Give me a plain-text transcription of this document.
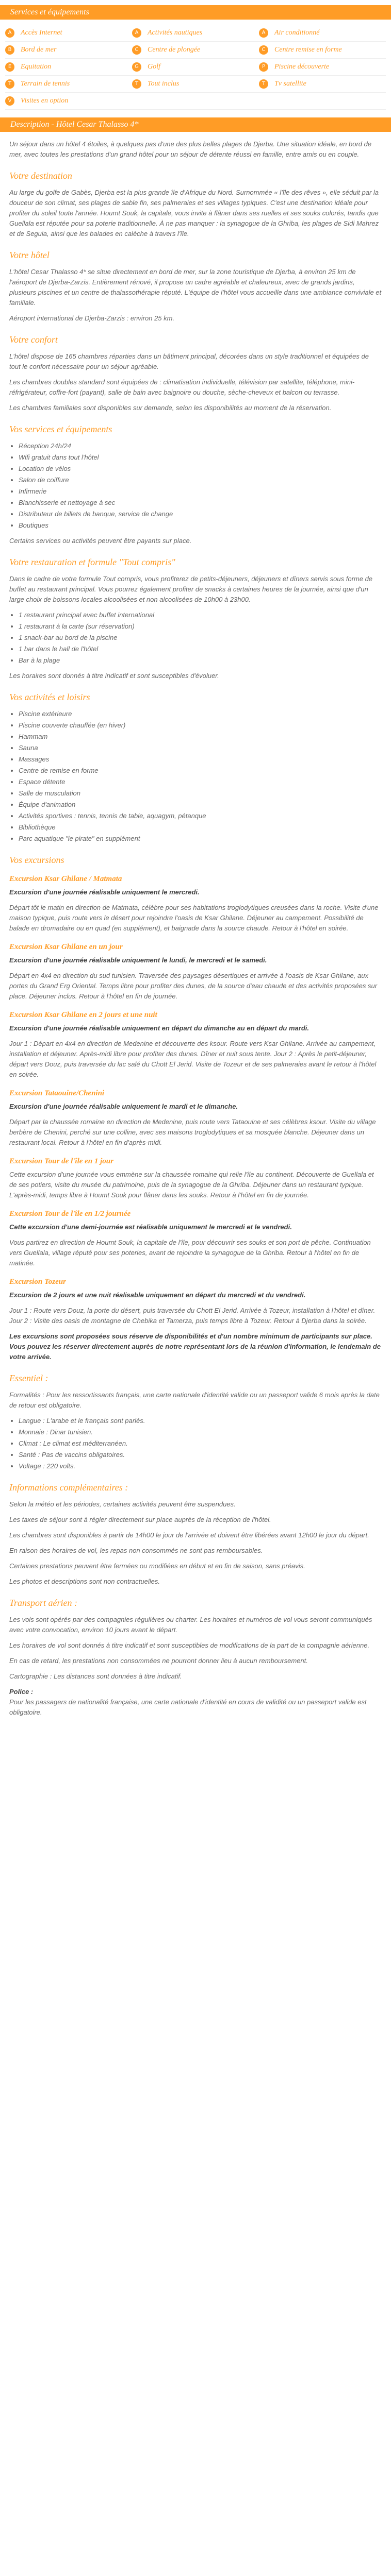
Services et équipements
A	Accès Internet	A	Activités nautiques	A	Air conditionné
B	Bord de mer	C	Centre de plongée	C	Centre remise en forme
E	Equitation	G	Golf	P	Piscine découverte
T	Terrain de tennis	T	Tout inclus	T	Tv satellite
V	Visites en option
Description - Hôtel Cesar Thalasso 4*

Un séjour dans un hôtel 4 étoiles, à quelques pas d'une des plus belles plages de Djerba. Une situation idéale, en bord de mer, avec toutes les prestations d'un grand hôtel pour un séjour de détente réussi en famille, entre amis ou en couple.

Votre destination

Au large du golfe de Gabès, Djerba est la plus grande île d'Afrique du Nord. Surnommée « l'île des rêves », elle séduit par la douceur de son climat, ses plages de sable fin, ses palmeraies et ses villages typiques. C'est une destination idéale pour profiter du soleil toute l'année. Houmt Souk, la capitale, vous invite à flâner dans ses ruelles et ses souks colorés, tandis que Guellala est réputée pour sa poterie traditionnelle. À ne pas manquer : la synagogue de la Ghriba, les plages de Sidi Mahrez et de Seguia, ainsi que les balades en calèche à travers l'île.

Votre hôtel

L'hôtel Cesar Thalasso 4* se situe directement en bord de mer, sur la zone touristique de Djerba, à environ 25 km de l'aéroport de Djerba-Zarzis. Entièrement rénové, il propose un cadre agréable et chaleureux, avec de grands jardins, plusieurs piscines et un centre de thalassothérapie réputé. L'équipe de l'hôtel vous accueille dans une ambiance conviviale et familiale.

Aéroport international de Djerba-Zarzis : environ 25 km.

Votre confort

L'hôtel dispose de 165 chambres réparties dans un bâtiment principal, décorées dans un style traditionnel et équipées de tout le confort nécessaire pour un séjour agréable.

Les chambres doubles standard sont équipées de : climatisation individuelle, télévision par satellite, téléphone, mini-réfrigérateur, coffre-fort (payant), salle de bain avec baignoire ou douche, sèche-cheveux et balcon ou terrasse.

Les chambres familiales sont disponibles sur demande, selon les disponibilités au moment de la réservation.

Vos services et équipements
• Réception 24h/24
• Wifi gratuit dans tout l'hôtel
• Location de vélos
• Salon de coiffure
• Infirmerie
• Blanchisserie et nettoyage à sec
• Distributeur de billets de banque, service de change
• Boutiques

Certains services ou activités peuvent être payants sur place.

Votre restauration et formule "Tout compris"

Dans le cadre de votre formule Tout compris, vous profiterez de petits-déjeuners, déjeuners et dîners servis sous forme de buffet au restaurant principal. Vous pourrez également profiter de snacks à certaines heures de la journée, ainsi que d'un large choix de boissons locales alcoolisées et non alcoolisées de 10h00 à 23h00.

• 1 restaurant principal avec buffet international
• 1 restaurant à la carte (sur réservation)
• 1 snack-bar au bord de la piscine
• 1 bar dans le hall de l'hôtel
• Bar à la plage

Les horaires sont donnés à titre indicatif et sont susceptibles d'évoluer.

Vos activités et loisirs
• Piscine extérieure
• Piscine couverte chauffée (en hiver)
• Hammam
• Sauna
• Massages
• Centre de remise en forme
• Espace détente
• Salle de musculation
• Équipe d'animation
• Activités sportives : tennis, tennis de table, aquagym, pétanque
• Bibliothèque
• Parc aquatique "le pirate" en supplément
Vos excursions
Excursion Ksar Ghilane / Matmata

Excursion d'une journée réalisable uniquement le mercredi.

Départ tôt le matin en direction de Matmata, célèbre pour ses habitations troglodytiques creusées dans la roche. Visite d'une maison typique, puis route vers le désert pour rejoindre l'oasis de Ksar Ghilane. Déjeuner au campement. Possibilité de balade en dromadaire ou en quad (en supplément), et baignade dans la source chaude. Retour à l'hôtel en soirée.

Excursion Ksar Ghilane en un jour

Excursion d'une journée réalisable uniquement le lundi, le mercredi et le samedi.

Départ en 4x4 en direction du sud tunisien. Traversée des paysages désertiques et arrivée à l'oasis de Ksar Ghilane, aux portes du Grand Erg Oriental. Temps libre pour profiter des dunes, de la source d'eau chaude et des activités proposées sur place. Déjeuner inclus. Retour à l'hôtel en fin de journée.

Excursion Ksar Ghilane en 2 jours et une nuit

Excursion d'une journée réalisable uniquement en départ du dimanche au en départ du mardi.

Jour 1 : Départ en 4x4 en direction de Medenine et découverte des ksour. Route vers Ksar Ghilane. Arrivée au campement, installation et déjeuner. Après-midi libre pour profiter des dunes. Dîner et nuit sous tente. Jour 2 : Après le petit-déjeuner, départ vers Douz, puis traversée du lac salé du Chott El Jerid. Visite de Tozeur et de ses palmeraies avant le retour à l'hôtel en soirée.

Excursion Tataouine/Chenini

Excursion d'une journée réalisable uniquement le mardi et le dimanche.

Départ par la chaussée romaine en direction de Medenine, puis route vers Tataouine et ses célèbres ksour. Visite du village berbère de Chenini, perché sur une colline, avec ses maisons troglodytiques et sa mosquée blanche. Déjeuner dans un restaurant local. Retour à l'hôtel en fin d'après-midi.

Excursion Tour de l'île en 1 jour

Cette excursion d'une journée vous emmène sur la chaussée romaine qui relie l'île au continent. Découverte de Guellala et de ses potiers, visite du musée du patrimoine, puis de la synagogue de la Ghriba. Déjeuner dans un restaurant typique. L'après-midi, temps libre à Houmt Souk pour flâner dans les souks. Retour à l'hôtel en fin de journée.

Excursion Tour de l'île en 1/2 journée

Cette excursion d'une demi-journée est réalisable uniquement le mercredi et le vendredi.

Vous partirez en direction de Houmt Souk, la capitale de l'île, pour découvrir ses souks et son port de pêche. Continuation vers Guellala, village réputé pour ses poteries, avant de rejoindre la synagogue de la Ghriba. Retour à l'hôtel en fin de matinée.

Excursion Tozeur

Excursion de 2 jours et une nuit réalisable uniquement en départ du mercredi et du vendredi.

Jour 1 : Route vers Douz, la porte du désert, puis traversée du Chott El Jerid. Arrivée à Tozeur, installation à l'hôtel et dîner. Jour 2 : Visite des oasis de montagne de Chebika et Tamerza, puis temps libre à Tozeur. Retour à Djerba dans la soirée.

Les excursions sont proposées sous réserve de disponibilités et d'un nombre minimum de participants sur place. Vous pouvez les réserver directement auprès de notre représentant lors de la réunion d'information, le lendemain de votre arrivée.

Essentiel :

Formalités : Pour les ressortissants français, une carte nationale d'identité valide ou un passeport valide 6 mois après la date de retour est obligatoire.

• Langue : L'arabe et le français sont parlés.
• Monnaie : Dinar tunisien.
• Climat : Le climat est méditerranéen.
• Santé : Pas de vaccins obligatoires.
• Voltage : 220 volts.
Informations complémentaires :

Selon la météo et les périodes, certaines activités peuvent être suspendues.

Les taxes de séjour sont à régler directement sur place auprès de la réception de l'hôtel.

Les chambres sont disponibles à partir de 14h00 le jour de l'arrivée et doivent être libérées avant 12h00 le jour du départ.

En raison des horaires de vol, les repas non consommés ne sont pas remboursables.

Certaines prestations peuvent être fermées ou modifiées en début et en fin de saison, sans préavis.

Les photos et descriptions sont non contractuelles.

Transport aérien :

Les vols sont opérés par des compagnies régulières ou charter. Les horaires et numéros de vol vous seront communiqués avec votre convocation, environ 10 jours avant le départ.

Les horaires de vol sont donnés à titre indicatif et sont susceptibles de modifications de la part de la compagnie aérienne.

En cas de retard, les prestations non consommées ne pourront donner lieu à aucun remboursement.

Cartographie : Les distances sont données à titre indicatif.

Police :
Pour les passagers de nationalité française, une carte nationale d'identité en cours de validité ou un passeport valide est obligatoire.
